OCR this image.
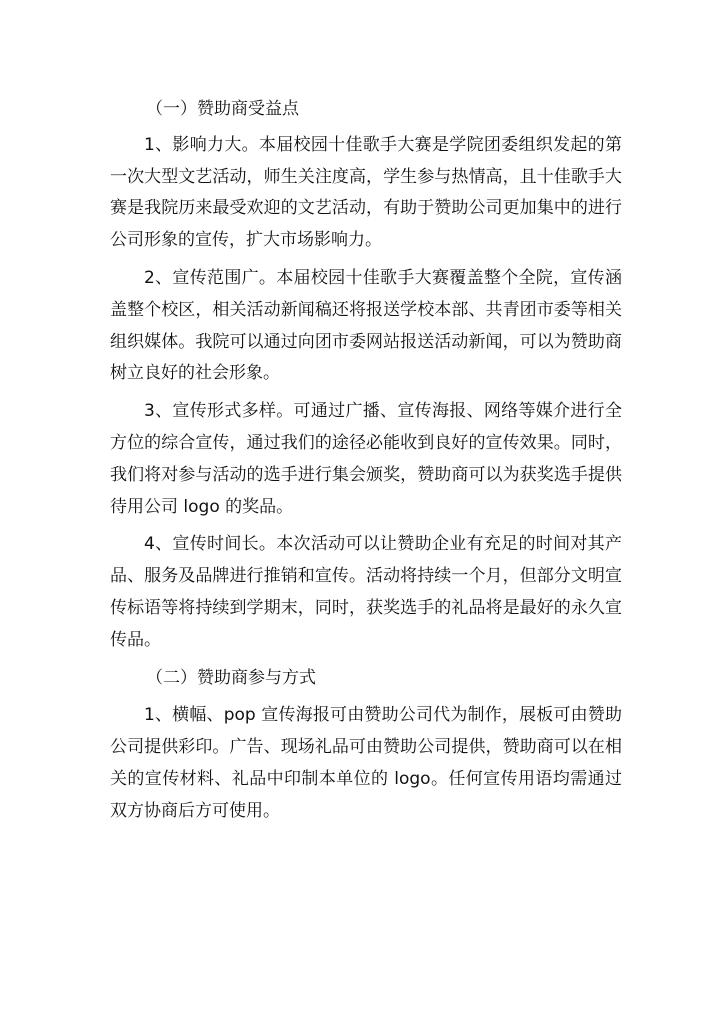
（一）赞助商受益点

1、影响力大。本届校园十佳歌手大赛是学院团委组织发起的第一次大型文艺活动，师生关注度高，学生参与热情高，且十佳歌手大赛是我院历来最受欢迎的文艺活动，有助于赞助公司更加集中的进行公司形象的宣传，扩大市场影响力。

2、宣传范围广。本届校园十佳歌手大赛覆盖整个全院，宣传涵盖整个校区，相关活动新闻稿还将报送学校本部、共青团市委等相关组织媒体。我院可以通过向团市委网站报送活动新闻，可以为赞助商树立良好的社会形象。

3、宣传形式多样。可通过广播、宣传海报、网络等媒介进行全方位的综合宣传，通过我们的途径必能收到良好的宣传效果。同时，我们将对参与活动的选手进行集会颁奖，赞助商可以为获奖选手提供待用公司 logo 的奖品。

4、宣传时间长。本次活动可以让赞助企业有充足的时间对其产品、服务及品牌进行推销和宣传。活动将持续一个月，但部分文明宣传标语等将持续到学期末，同时，获奖选手的礼品将是最好的永久宣传品。

（二）赞助商参与方式

1、横幅、pop 宣传海报可由赞助公司代为制作，展板可由赞助公司提供彩印。广告、现场礼品可由赞助公司提供，赞助商可以在相关的宣传材料、礼品中印制本单位的 logo。任何宣传用语均需通过双方协商后方可使用。
